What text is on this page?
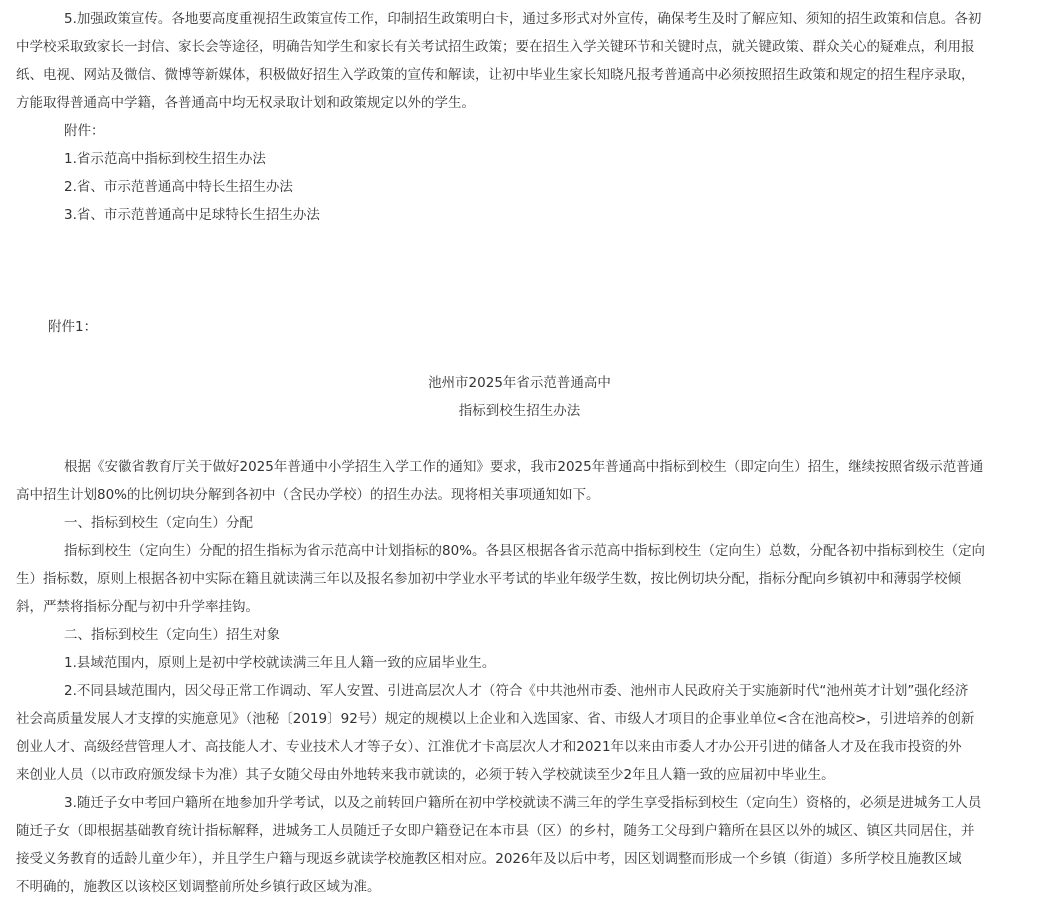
5.加强政策宣传。各地要高度重视招生政策宣传工作，印制招生政策明白卡，通过多形式对外宣传，确保考生及时了解应知、须知的招生政策和信息。各初
中学校采取致家长一封信、家长会等途径，明确告知学生和家长有关考试招生政策；要在招生入学关键环节和关键时点，就关键政策、群众关心的疑难点，利用报
纸、电视、网站及微信、微博等新媒体，积极做好招生入学政策的宣传和解读，让初中毕业生家长知晓凡报考普通高中必须按照招生政策和规定的招生程序录取，
方能取得普通高中学籍，各普通高中均无权录取计划和政策规定以外的学生。
附件：
1.省示范高中指标到校生招生办法
2.省、市示范普通高中特长生招生办法
3.省、市示范普通高中足球特长生招生办法
附件1：
池州市2025年省示范普通高中
指标到校生招生办法
根据《安徽省教育厅关于做好2025年普通中小学招生入学工作的通知》要求，我市2025年普通高中指标到校生（即定向生）招生，继续按照省级示范普通
高中招生计划80%的比例切块分解到各初中（含民办学校）的招生办法。现将相关事项通知如下。
一、指标到校生（定向生）分配
指标到校生（定向生）分配的招生指标为省示范高中计划指标的80%。各县区根据各省示范高中指标到校生（定向生）总数，分配各初中指标到校生（定向
生）指标数，原则上根据各初中实际在籍且就读满三年以及报名参加初中学业水平考试的毕业年级学生数，按比例切块分配，指标分配向乡镇初中和薄弱学校倾
斜，严禁将指标分配与初中升学率挂钩。
二、指标到校生（定向生）招生对象
1.县域范围内，原则上是初中学校就读满三年且人籍一致的应届毕业生。
2.不同县域范围内，因父母正常工作调动、军人安置、引进高层次人才（符合《中共池州市委、池州市人民政府关于实施新时代“池州英才计划”强化经济
社会高质量发展人才支撑的实施意见》（池秘〔2019〕92号）规定的规模以上企业和入选国家、省、市级人才项目的企事业单位<含在池高校>，引进培养的创新
创业人才、高级经营管理人才、高技能人才、专业技术人才等子女）、江淮优才卡高层次人才和2021年以来由市委人才办公开引进的储备人才及在我市投资的外
来创业人员（以市政府颁发绿卡为准）其子女随父母由外地转来我市就读的，必须于转入学校就读至少2年且人籍一致的应届初中毕业生。
3.随迁子女中考回户籍所在地参加升学考试，以及之前转回户籍所在初中学校就读不满三年的学生享受指标到校生（定向生）资格的，必须是进城务工人员
随迁子女（即根据基础教育统计指标解释，进城务工人员随迁子女即户籍登记在本市县（区）的乡村，随务工父母到户籍所在县区以外的城区、镇区共同居住，并
接受义务教育的适龄儿童少年），并且学生户籍与现返乡就读学校施教区相对应。2026年及以后中考，因区划调整而形成一个乡镇（街道）多所学校且施教区域
不明确的，施教区以该校区划调整前所处乡镇行政区域为准。
